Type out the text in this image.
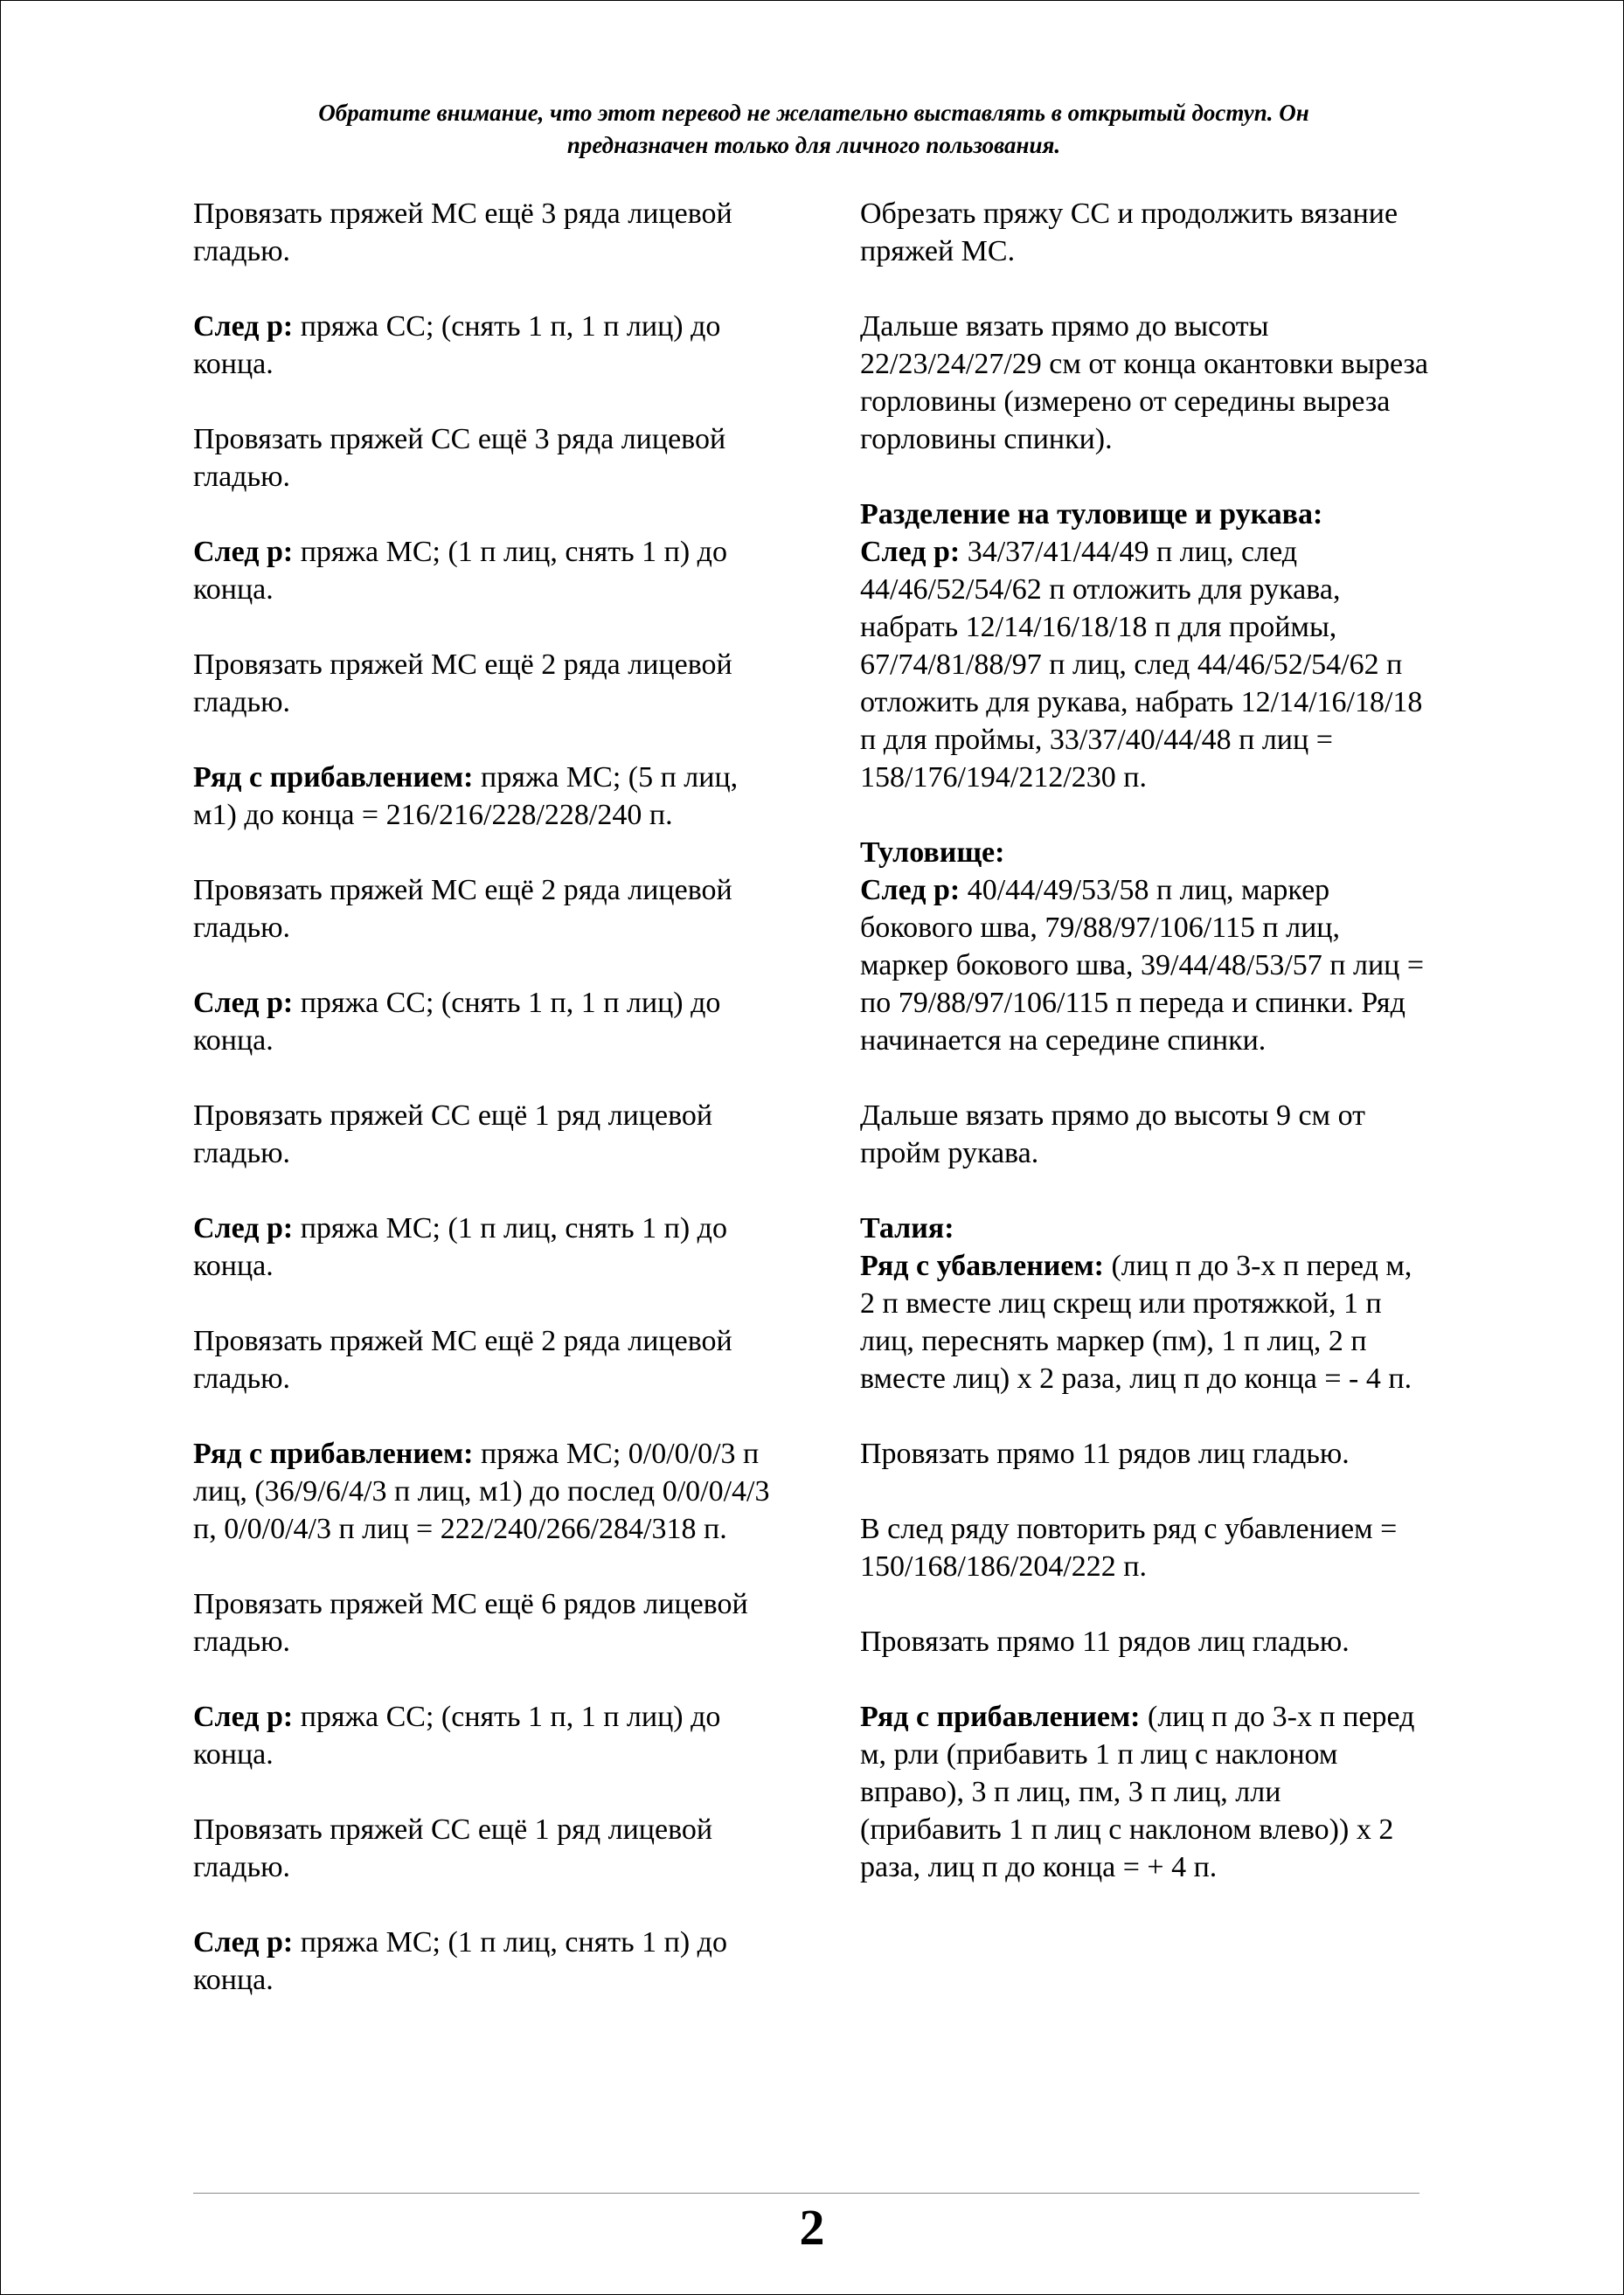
Обратите внимание, что этот перевод не желательно выставлять в открытый доступ. Он
предназначен только для личного пользования.

Провязать пряжей МС ещё 3 ряда лицевой гладью.

След р: пряжа СС; (снять 1 п, 1 п лиц) до конца.

Провязать пряжей СС ещё 3 ряда лицевой гладью.

След р: пряжа МС; (1 п лиц, снять 1 п) до конца.

Провязать пряжей МС ещё 2 ряда лицевой гладью.

Ряд с прибавлением: пряжа МС; (5 п лиц, м1) до конца = 216/216/228/228/240 п.

Провязать пряжей МС ещё 2 ряда лицевой гладью.

След р: пряжа СС; (снять 1 п, 1 п лиц) до конца.

Провязать пряжей СС ещё 1 ряд лицевой гладью.

След р: пряжа МС; (1 п лиц, снять 1 п) до конца.

Провязать пряжей МС ещё 2 ряда лицевой гладью.

Ряд с прибавлением: пряжа МС; 0/0/0/0/3 п лиц, (36/9/6/4/3 п лиц, м1) до послед 0/0/0/4/3 п, 0/0/0/4/3 п лиц = 222/240/266/284/318 п.

Провязать пряжей МС ещё 6 рядов лицевой гладью.

След р: пряжа СС; (снять 1 п, 1 п лиц) до конца.

Провязать пряжей СС ещё 1 ряд лицевой гладью.

След р: пряжа МС; (1 п лиц, снять 1 п) до конца.

Обрезать пряжу СС и продолжить вязание пряжей МС.

Дальше вязать прямо до высоты 22/23/24/27/29 см от конца окантовки выреза горловины (измерено от середины выреза горловины спинки).

Разделение на туловище и рукава:
След р: 34/37/41/44/49 п лиц, след 44/46/52/54/62 п отложить для рукава, набрать 12/14/16/18/18 п для проймы, 67/74/81/88/97 п лиц, след 44/46/52/54/62 п отложить для рукава, набрать 12/14/16/18/18 п для проймы, 33/37/40/44/48 п лиц = 158/176/194/212/230 п.

Туловище:
След р: 40/44/49/53/58 п лиц, маркер бокового шва, 79/88/97/106/115 п лиц, маркер бокового шва, 39/44/48/53/57 п лиц = по 79/88/97/106/115 п переда и спинки. Ряд начинается на середине спинки.

Дальше вязать прямо до высоты 9 см от пройм рукава.

Талия:
Ряд с убавлением: (лиц п до 3-х п перед м, 2 п вместе лиц скрещ или протяжкой, 1 п лиц, переснять маркер (пм), 1 п лиц, 2 п вместе лиц) х 2 раза, лиц п до конца = - 4 п.

Провязать прямо 11 рядов лиц гладью.

В след ряду повторить ряд с убавлением = 150/168/186/204/222 п.

Провязать прямо 11 рядов лиц гладью.

Ряд с прибавлением: (лиц п до 3-х п перед м, рли (прибавить 1 п лиц с наклоном вправо), 3 п лиц, пм, 3 п лиц, лли (прибавить 1 п лиц с наклоном влево)) х 2 раза, лиц п до конца = + 4 п.

2
